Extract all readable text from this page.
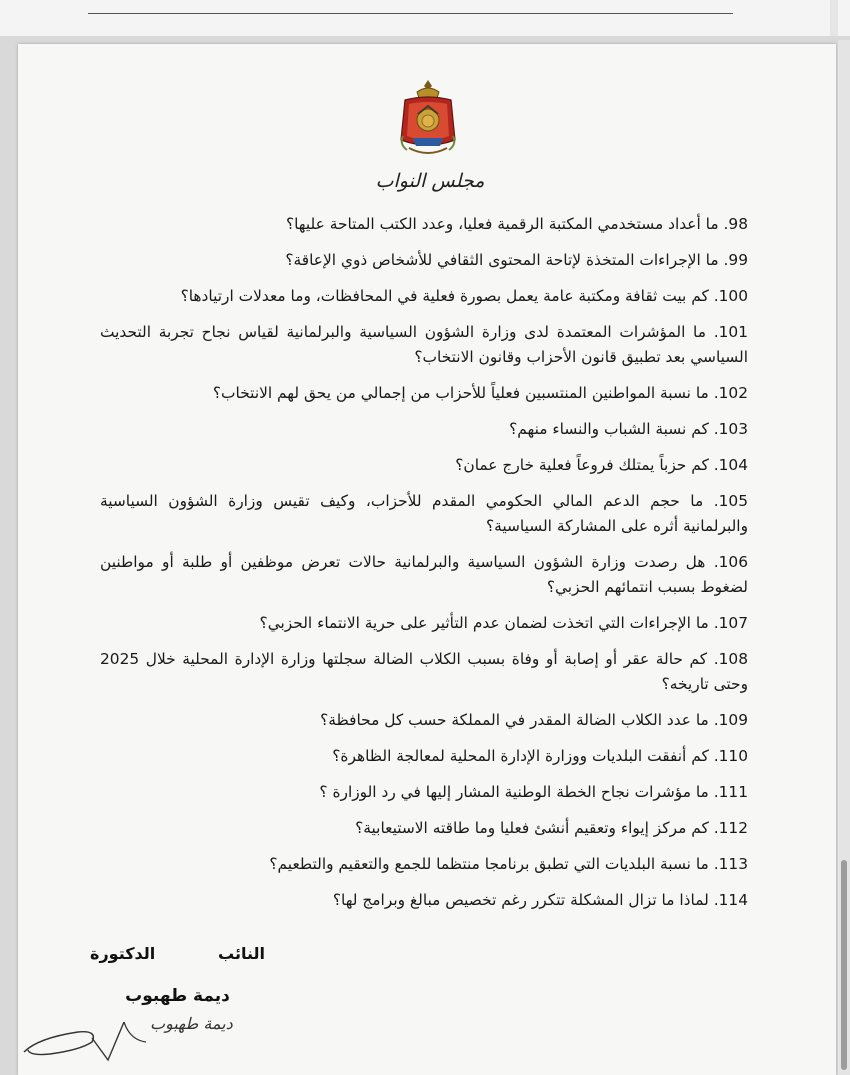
مجلس النواب
98. ما أعداد مستخدمي المكتبة الرقمية فعليا، وعدد الكتب المتاحة عليها؟
99. ما الإجراءات المتخذة لإتاحة المحتوى الثقافي للأشخاص ذوي الإعاقة؟
100. كم بيت ثقافة ومكتبة عامة يعمل بصورة فعلية في المحافظات، وما معدلات ارتيادها؟
101. ما المؤشرات المعتمدة لدى وزارة الشؤون السياسية والبرلمانية لقياس نجاح تجربة التحديث السياسي بعد تطبيق قانون الأحزاب وقانون الانتخاب؟
102. ما نسبة المواطنين المنتسبين فعلياً للأحزاب من إجمالي من يحق لهم الانتخاب؟
103. كم نسبة الشباب والنساء منهم؟
104. كم حزباً يمتلك فروعاً فعلية خارج عمان؟
105. ما حجم الدعم المالي الحكومي المقدم للأحزاب، وكيف تقيس وزارة الشؤون السياسية والبرلمانية أثره على المشاركة السياسية؟
106. هل رصدت وزارة الشؤون السياسية والبرلمانية حالات تعرض موظفين أو طلبة أو مواطنين لضغوط بسبب انتمائهم الحزبي؟
107. ما الإجراءات التي اتخذت لضمان عدم التأثير على حرية الانتماء الحزبي؟
108. كم حالة عقر أو إصابة أو وفاة بسبب الكلاب الضالة سجلتها وزارة الإدارة المحلية خلال 2025 وحتى تاريخه؟
109. ما عدد الكلاب الضالة المقدر في المملكة حسب كل محافظة؟
110. كم أنفقت البلديات ووزارة الإدارة المحلية لمعالجة الظاهرة؟
111. ما مؤشرات نجاح الخطة الوطنية المشار إليها في رد الوزارة ؟
112. كم مركز إيواء وتعقيم أنشئ فعليا وما طاقته الاستيعابية؟
113. ما نسبة البلديات التي تطبق برنامجا منتظما للجمع والتعقيم والتطعيم؟
114. لماذا ما تزال المشكلة تتكرر رغم تخصيص مبالغ وبرامج لها؟
النائب الدكتورة
ديمة طهبوب
ديمة طهبوب
